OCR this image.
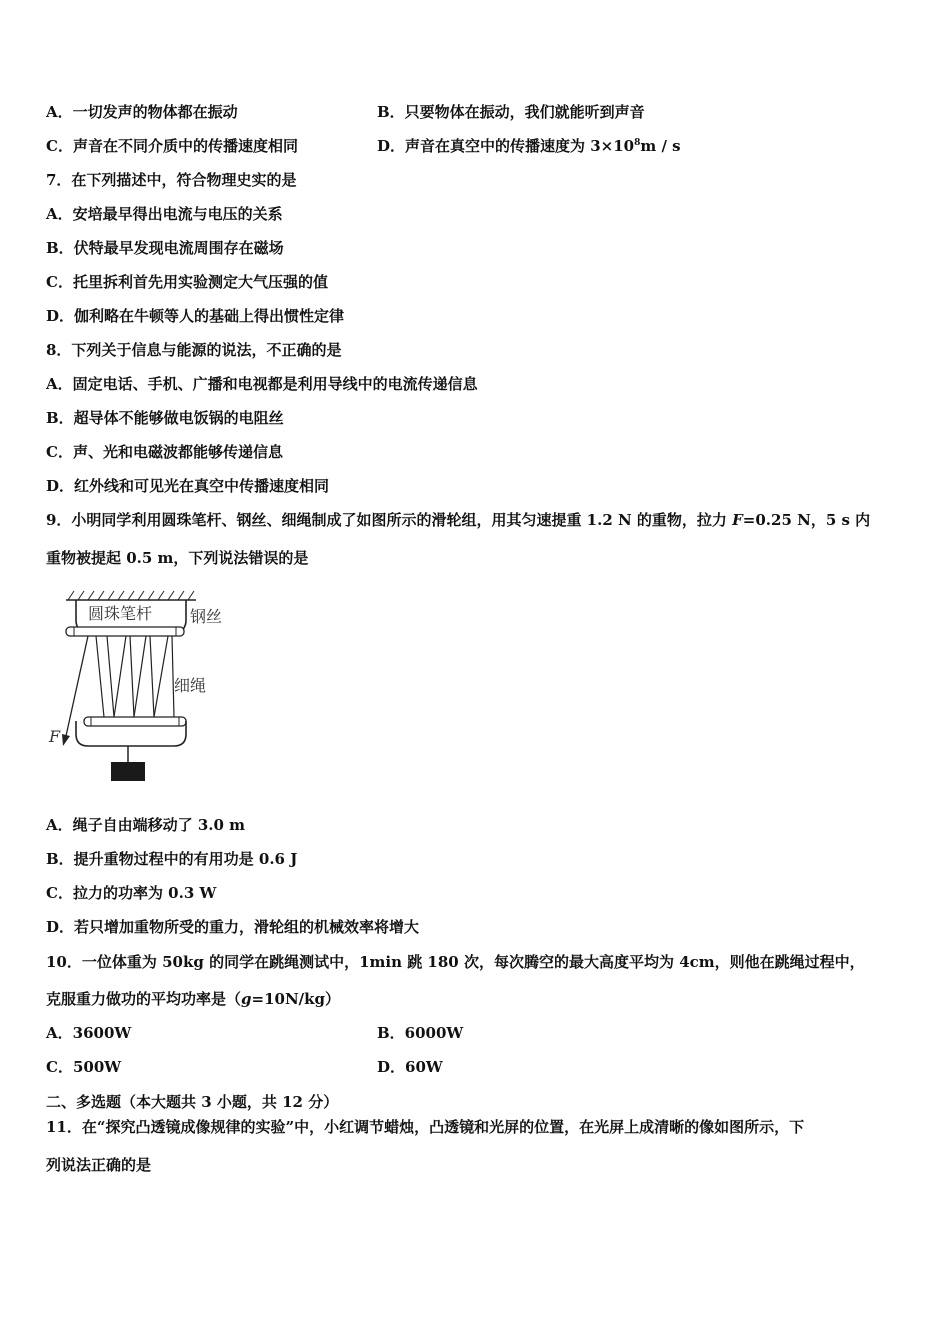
A．一切发声的物体都在振动	B．只要物体在振动，我们就能听到声音
C．声音在不同介质中的传播速度相同	D．声音在真空中的传播速度为 $3\times 10^8m / s$
7．在下列描述中，符合物理史实的是
A．安培最早得出电流与电压的关系
B．伏特最早发现电流周围存在磁场
C．托里拆利首先用实验测定大气压强的值
D．伽利略在牛顿等人的基础上得出惯性定律
8．下列关于信息与能源的说法，不正确的是
A．固定电话、手机、广播和电视都是利用导线中的电流传递信息
B．超导体不能够做电饭锅的电阻丝
C．声、光和电磁波都能够传递信息
D．红外线和可见光在真空中传播速度相同
9．小明同学利用圆珠笔杆、钢丝、细绳制成了如图所示的滑轮组，用其匀速提重 1.2 N 的重物，拉力 F=0.25 N，5 s 内
重物被提起 0.5 m，下列说法错误的是
圆珠笔杆 钢丝
细绳
F
A．绳子自由端移动了 3.0 m
B．提升重物过程中的有用功是 0.6 J
C．拉力的功率为 0.3 W
D．若只增加重物所受的重力，滑轮组的机械效率将增大
10．一位体重为 50kg 的同学在跳绳测试中，1min 跳 180 次，每次腾空的最大高度平均为 4cm，则他在跳绳过程中，
克服重力做功的平均功率是（g=10N/kg）
A．3600W	B．6000W
C．500W	D．60W
二、多选题（本大题共 3 小题，共 12 分）
11．在“探究凸透镜成像规律的实验”中，小红调节蜡烛，凸透镜和光屏的位置，在光屏上成清晰的像如图所示，下
列说法正确的是
